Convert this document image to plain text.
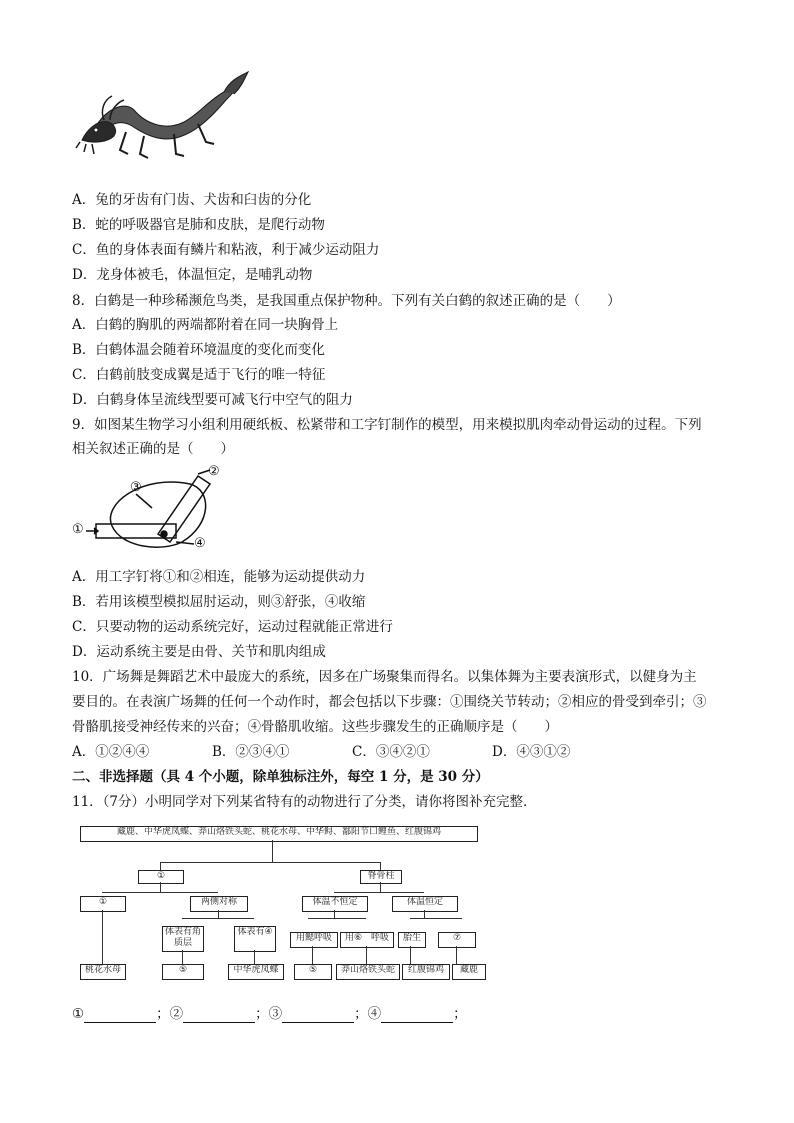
A．兔的牙齿有门齿、犬齿和臼齿的分化
B．蛇的呼吸器官是肺和皮肤，是爬行动物
C．鱼的身体表面有鳞片和粘液，利于减少运动阻力
D．龙身体被毛，体温恒定，是哺乳动物
8．白鹤是一种珍稀濒危鸟类，是我国重点保护物种。下列有关白鹤的叙述正确的是（　　）
A．白鹤的胸肌的两端都附着在同一块胸骨上
B．白鹤体温会随着环境温度的变化而变化
C．白鹤前肢变成翼是适于飞行的唯一特征
D．白鹤身体呈流线型要可减飞行中空气的阻力
9．如图某生物学习小组利用硬纸板、松紧带和工字钉制作的模型，用来模拟肌肉牵动骨运动的过程。下列
相关叙述正确的是（　　）
①
②
③
④
A．用工字钉将①和②相连，能够为运动提供动力
B．若用该模型模拟屈肘运动，则③舒张，④收缩
C．只要动物的运动系统完好，运动过程就能正常进行
D．运动系统主要是由骨、关节和肌肉组成
10．广场舞是舞蹈艺术中最庞大的系统，因多在广场聚集而得名。以集体舞为主要表演形式，以健身为主
要目的。在表演广场舞的任何一个动作时，都会包括以下步骤：①围绕关节转动；②相应的骨受到牵引；③
骨骼肌接受神经传来的兴奋；④骨骼肌收缩。这些步骤发生的正确顺序是（　　）
A．①②④④	B．②③④①	C．③④②①	D．④③①②
二、非选择题（具 4 个小题，除单独标注外，每空 1 分，是 30 分）
11．（7分）小明同学对下列某省特有的动物进行了分类，请你将图补充完整．
藏鹿、中华虎凤蝶、莽山烙铁头蛇、桃花水母、中华鲟、鄱阳节口鲤鱼、红腹锦鸡
①	脊骨柱
①	两侧对称	体温不恒定	体温恒定
体表有角质层
体表有④
用鳃呼吸	用⑥　呼吸	胎生	⑦
桃花水母	⑤	中华虎凤蝶	⑤	莽山烙铁头蛇	红腹锦鸡	藏鹿
①	；②	；③	；④	；
